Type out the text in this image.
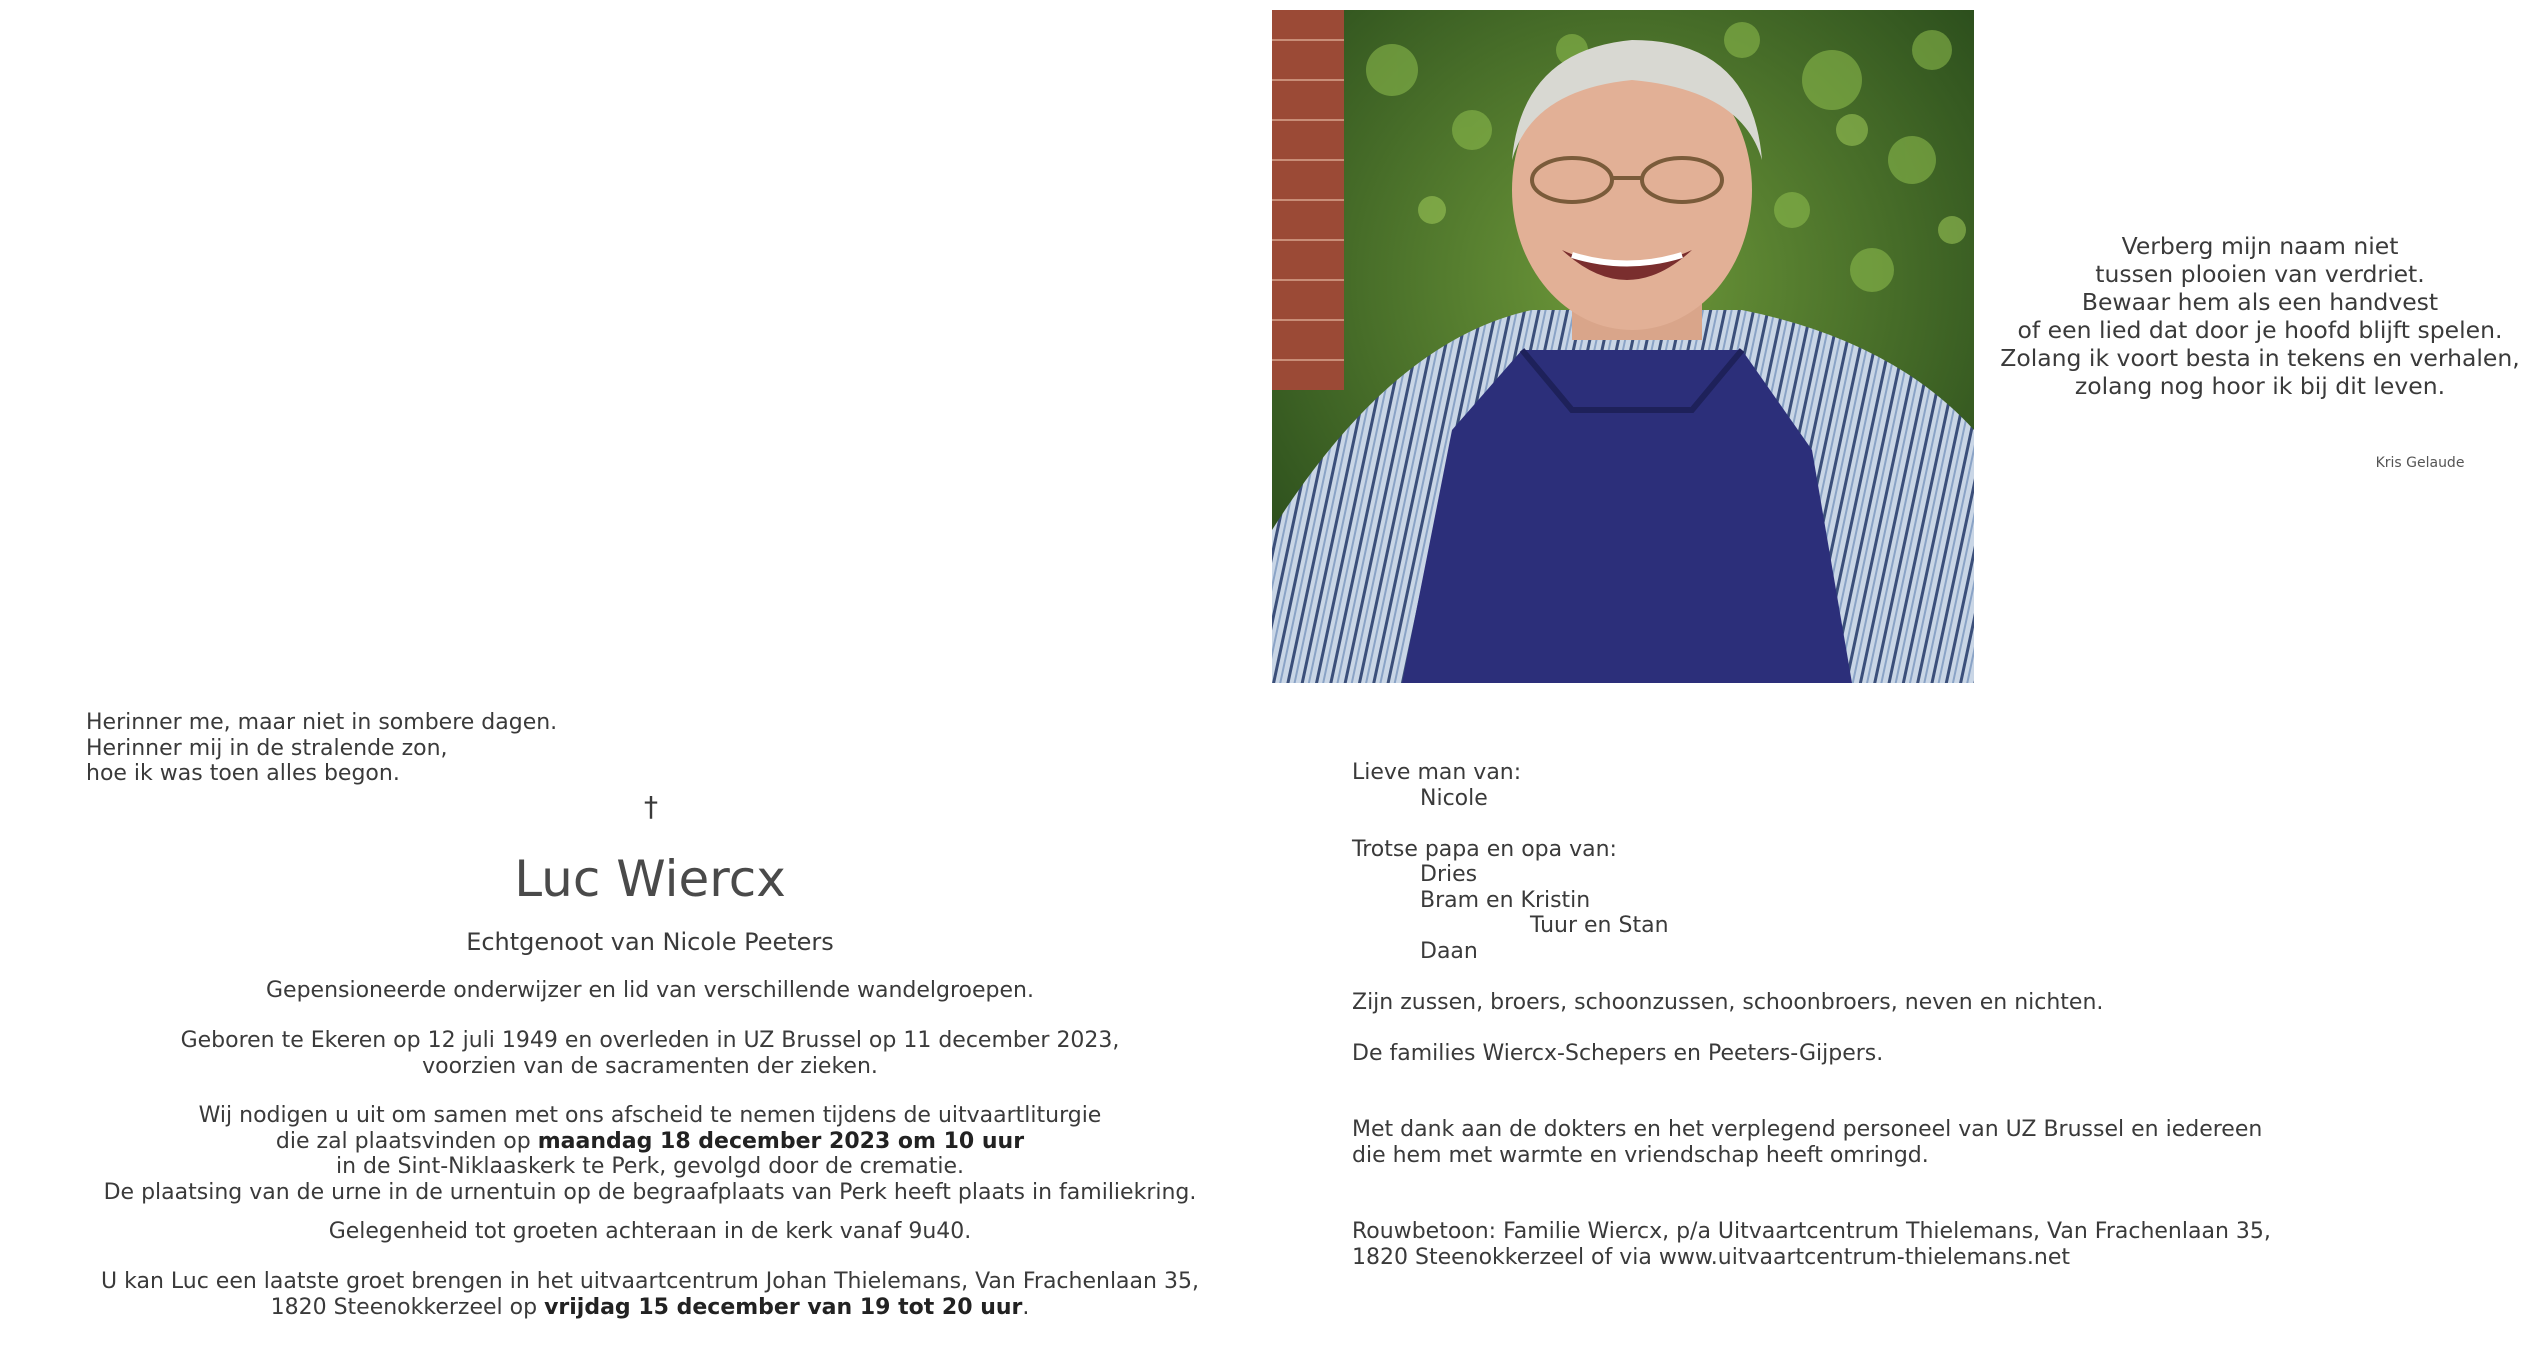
Herinner me, maar niet in sombere dagen.
Herinner mij in de stralende zon,
hoe ik was toen alles begon.
†
Luc Wiercx
Echtgenoot van Nicole Peeters
Gepensioneerde onderwijzer en lid van verschillende wandelgroepen.
Geboren te Ekeren op 12 juli 1949 en overleden in UZ Brussel op 11 december 2023,
voorzien van de sacramenten der zieken.
Wij nodigen u uit om samen met ons afscheid te nemen tijdens de uitvaartliturgie
die zal plaatsvinden op maandag 18 december 2023 om 10 uur
in de Sint-Niklaaskerk te Perk, gevolgd door de crematie.
De plaatsing van de urne in de urnentuin op de begraafplaats van Perk heeft plaats in familiekring.
Gelegenheid tot groeten achteraan in de kerk vanaf 9u40.
U kan Luc een laatste groet brengen in het uitvaartcentrum Johan Thielemans, Van Frachenlaan 35,
1820 Steenokkerzeel op vrijdag 15 december van 19 tot 20 uur.
Verberg mijn naam niet
tussen plooien van verdriet.
Bewaar hem als een handvest
of een lied dat door je hoofd blijft spelen.
Zolang ik voort besta in tekens en verhalen,
zolang nog hoor ik bij dit leven.
Kris Gelaude
Lieve man van:
Nicole
Trotse papa en opa van:
Dries
Bram en Kristin
Tuur en Stan
Daan
Zijn zussen, broers, schoonzussen, schoonbroers, neven en nichten.
De families Wiercx-Schepers en Peeters-Gijpers.
Met dank aan de dokters en het verplegend personeel van UZ Brussel en iedereen
die hem met warmte en vriendschap heeft omringd.
Rouwbetoon: Familie Wiercx, p/a Uitvaartcentrum Thielemans, Van Frachenlaan 35,
1820 Steenokkerzeel of via www.uitvaartcentrum-thielemans.net
